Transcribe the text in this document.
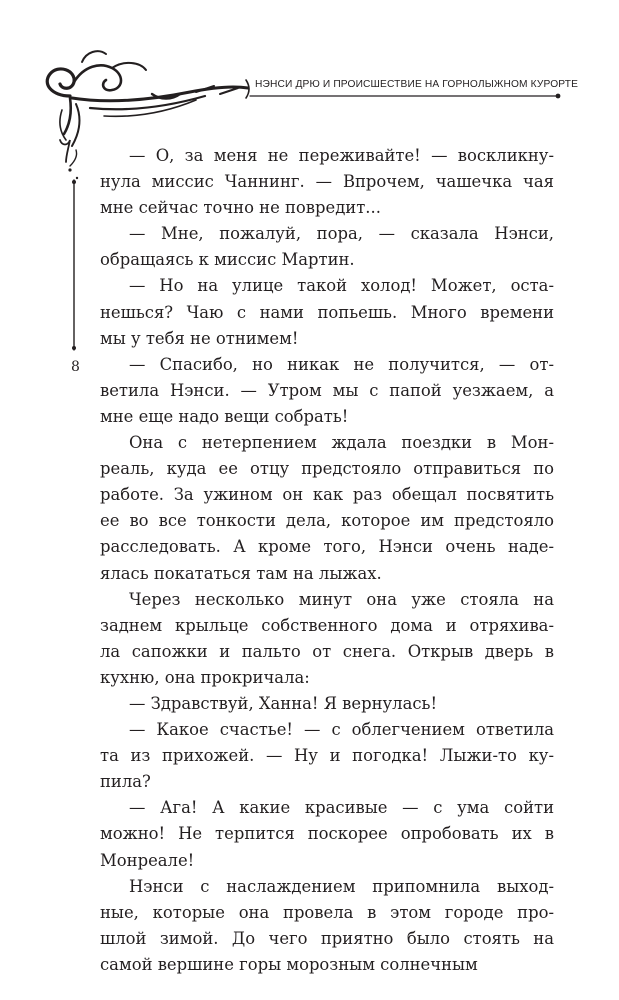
НЭНСИ ДРЮ И ПРОИСШЕСТВИЕ НА ГОРНОЛЫЖНОМ КУРОРТЕ
8
— О, за меня не переживайте! — воскликну-
нула миссис Чаннинг. — Впрочем, чашечка чая
мне сейчас точно не повредит...
— Мне, пожалуй, пора, — сказала Нэнси,
обращаясь к миссис Мартин.
— Но на улице такой холод! Может, оста-
нешься? Чаю с нами попьешь. Много времени
мы у тебя не отнимем!
— Спасибо, но никак не получится, — от-
ветила Нэнси. — Утром мы с папой уезжаем, а
мне еще надо вещи собрать!
Она с нетерпением ждала поездки в Мон-
реаль, куда ее отцу предстояло отправиться по
работе. За ужином он как раз обещал посвятить
ее во все тонкости дела, которое им предстояло
расследовать. А кроме того, Нэнси очень наде-
ялась покататься там на лыжах.
Через несколько минут она уже стояла на
заднем крыльце собственного дома и отряхива-
ла сапожки и пальто от снега. Открыв дверь в
кухню, она прокричала:
— Здравствуй, Ханна! Я вернулась!
— Какое счастье! — с облегчением ответила
та из прихожей. — Ну и погодка! Лыжи-то ку-
пила?
— Ага! А какие красивые — с ума сойти
можно! Не терпится поскорее опробовать их в
Монреале!
Нэнси с наслаждением припомнила выход-
ные, которые она провела в этом городе про-
шлой зимой. До чего приятно было стоять на
самой вершине горы морозным солнечным
